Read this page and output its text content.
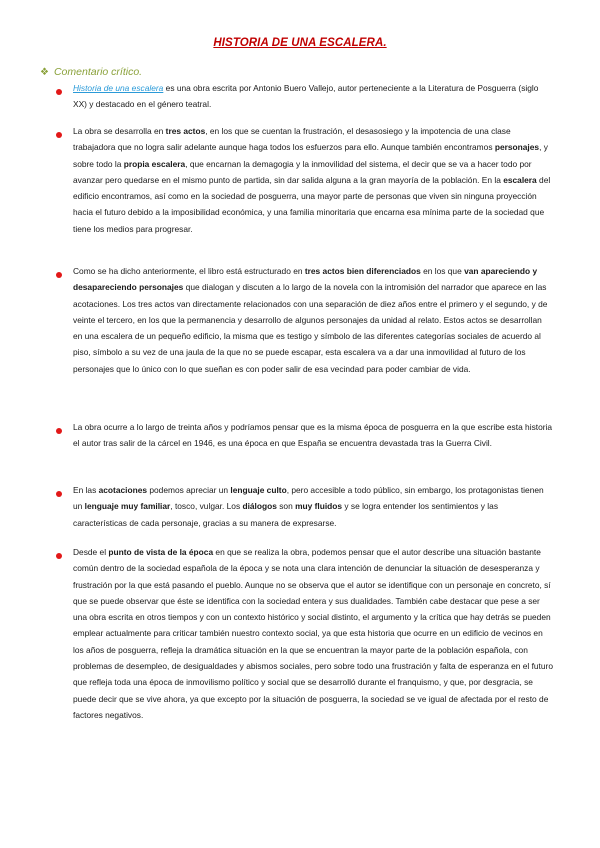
HISTORIA DE UNA ESCALERA.
❖ Comentario crítico.
Historia de una escalera es una obra escrita por Antonio Buero Vallejo, autor perteneciente a la Literatura de Posguerra (siglo XX) y destacado en el género teatral.
La obra se desarrolla en tres actos, en los que se cuentan la frustración, el desasosiego y la impotencia de una clase trabajadora que no logra salir adelante aunque haga todos los esfuerzos para ello. Aunque también encontramos personajes, y sobre todo la propia escalera, que encarnan la demagogia y la inmovilidad del sistema, el decir que se va a hacer todo por avanzar pero quedarse en el mismo punto de partida, sin dar salida alguna a la gran mayoría de la población. En la escalera del edificio encontramos, así como en la sociedad de posguerra, una mayor parte de personas que viven sin ninguna proyección hacia el futuro debido a la imposibilidad económica, y una familia minoritaria que encarna esa mínima parte de la sociedad que tiene los medios para progresar.
Como se ha dicho anteriormente, el libro está estructurado en tres actos bien diferenciados en los que van apareciendo y desapareciendo personajes que dialogan y discuten a lo largo de la novela con la intromisión del narrador que aparece en las acotaciones. Los tres actos van directamente relacionados con una separación de diez años entre el primero y el segundo, y de veinte el tercero, en los que la permanencia y desarrollo de algunos personajes da unidad al relato. Estos actos se desarrollan en una escalera de un pequeño edificio, la misma que es testigo y símbolo de las diferentes categorías sociales de acuerdo al piso, símbolo a su vez de una jaula de la que no se puede escapar, esta escalera va a dar una inmovilidad al futuro de los personajes que lo único con lo que sueñan es con poder salir de esa vecindad para poder cambiar de vida.
La obra ocurre a lo largo de treinta años y podríamos pensar que es la misma época de posguerra en la que escribe esta historia el autor tras salir de la cárcel en 1946, es una época en que España se encuentra devastada tras la Guerra Civil.
En las acotaciones podemos apreciar un lenguaje culto, pero accesible a todo público, sin embargo, los protagonistas tienen un lenguaje muy familiar, tosco, vulgar. Los diálogos son muy fluidos y se logra entender los sentimientos y las características de cada personaje, gracias a su manera de expresarse.
Desde el punto de vista de la época en que se realiza la obra, podemos pensar que el autor describe una situación bastante común dentro de la sociedad española de la época y se nota una clara intención de denunciar la situación de desesperanza y frustración por la que está pasando el pueblo. Aunque no se observa que el autor se identifique con un personaje en concreto, sí que se puede observar que éste se identifica con la sociedad entera y sus dualidades. También cabe destacar que pese a ser una obra escrita en otros tiempos y con un contexto histórico y social distinto, el argumento y la crítica que hay detrás se pueden emplear actualmente para criticar también nuestro contexto social, ya que esta historia que ocurre en un edificio de vecinos en los años de posguerra, refleja la dramática situación en la que se encuentran la mayor parte de la población española, con problemas de desempleo, de desigualdades y abismos sociales, pero sobre todo una frustración y falta de esperanza en el futuro que refleja toda una época de inmovilismo político y social que se desarrolló durante el franquismo, y que, por desgracia, se puede decir que se vive ahora, ya que excepto por la situación de posguerra, la sociedad se ve igual de afectada por el resto de factores negativos.
